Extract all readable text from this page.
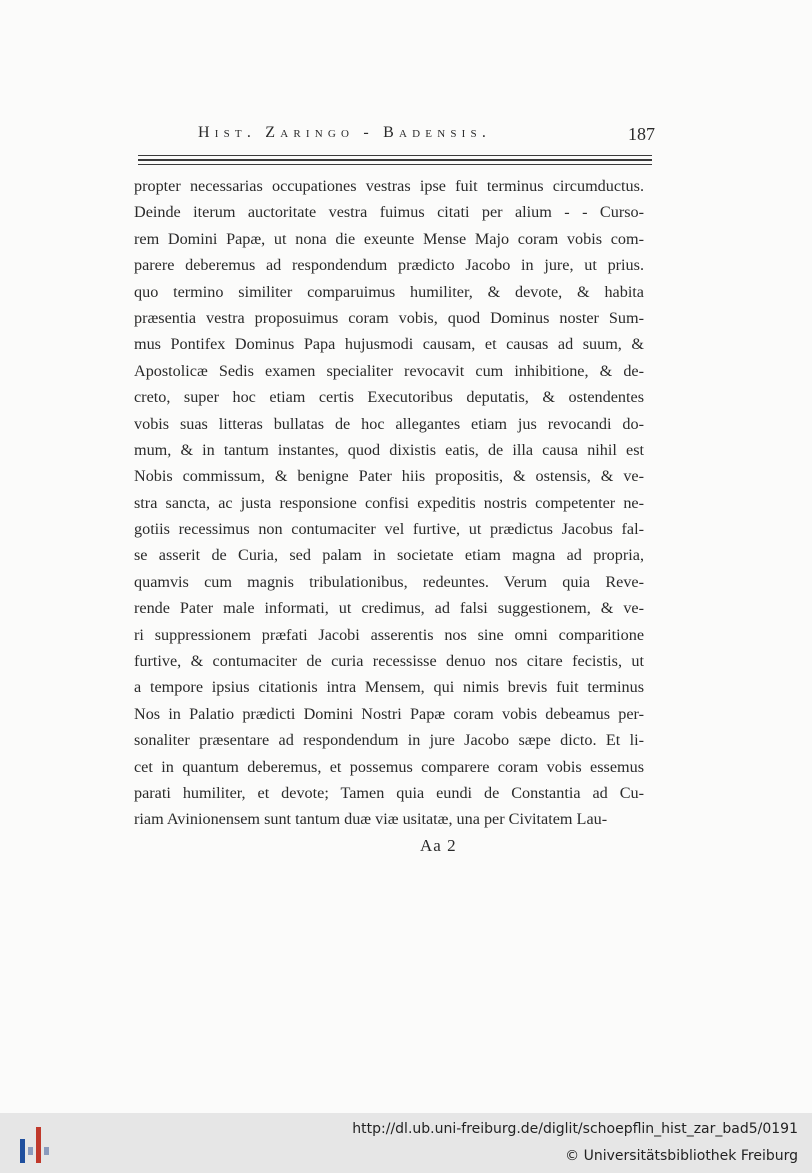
Hist. Zaringo - Badensis.	187
propter necessarias occupationes vestras ipse fuit terminus circumductus.
Deinde iterum auctoritate vestra fuimus citati per alium - - Curso-
rem Domini Papæ, ut nona die exeunte Mense Majo coram vobis com-
parere deberemus ad respondendum prædicto Jacobo in jure, ut prius.
quo termino similiter comparuimus humiliter, & devote, & habita
præsentia vestra proposuimus coram vobis, quod Dominus noster Sum-
mus Pontifex Dominus Papa hujusmodi causam, et causas ad suum, &
Apostolicæ Sedis examen specialiter revocavit cum inhibitione, & de-
creto, super hoc etiam certis Executoribus deputatis, & ostendentes
vobis suas litteras bullatas de hoc allegantes etiam jus revocandi do-
mum, & in tantum instantes, quod dixistis eatis, de illa causa nihil est
Nobis commissum, & benigne Pater hiis propositis, & ostensis, & ve-
stra sancta, ac justa responsione confisi expeditis nostris competenter ne-
gotiis recessimus non contumaciter vel furtive, ut prædictus Jacobus fal-
se asserit de Curia, sed palam in societate etiam magna ad propria,
quamvis cum magnis tribulationibus, redeuntes. Verum quia Reve-
rende Pater male informati, ut credimus, ad falsi suggestionem, & ve-
ri suppressionem præfati Jacobi asserentis nos sine omni comparitione
furtive, & contumaciter de curia recessisse denuo nos citare fecistis, ut
a tempore ipsius citationis intra Mensem, qui nimis brevis fuit terminus
Nos in Palatio prædicti Domini Nostri Papæ coram vobis debeamus per-
sonaliter præsentare ad respondendum in jure Jacobo sæpe dicto. Et li-
cet in quantum deberemus, et possemus comparere coram vobis essemus
parati humiliter, et devote; Tamen quia eundi de Constantia ad Cu-
riam Avinionensem sunt tantum duæ viæ usitatæ, una per Civitatem Lau-
Aa 2
http://dl.ub.uni-freiburg.de/diglit/schoepflin_hist_zar_bad5/0191
© Universitätsbibliothek Freiburg
